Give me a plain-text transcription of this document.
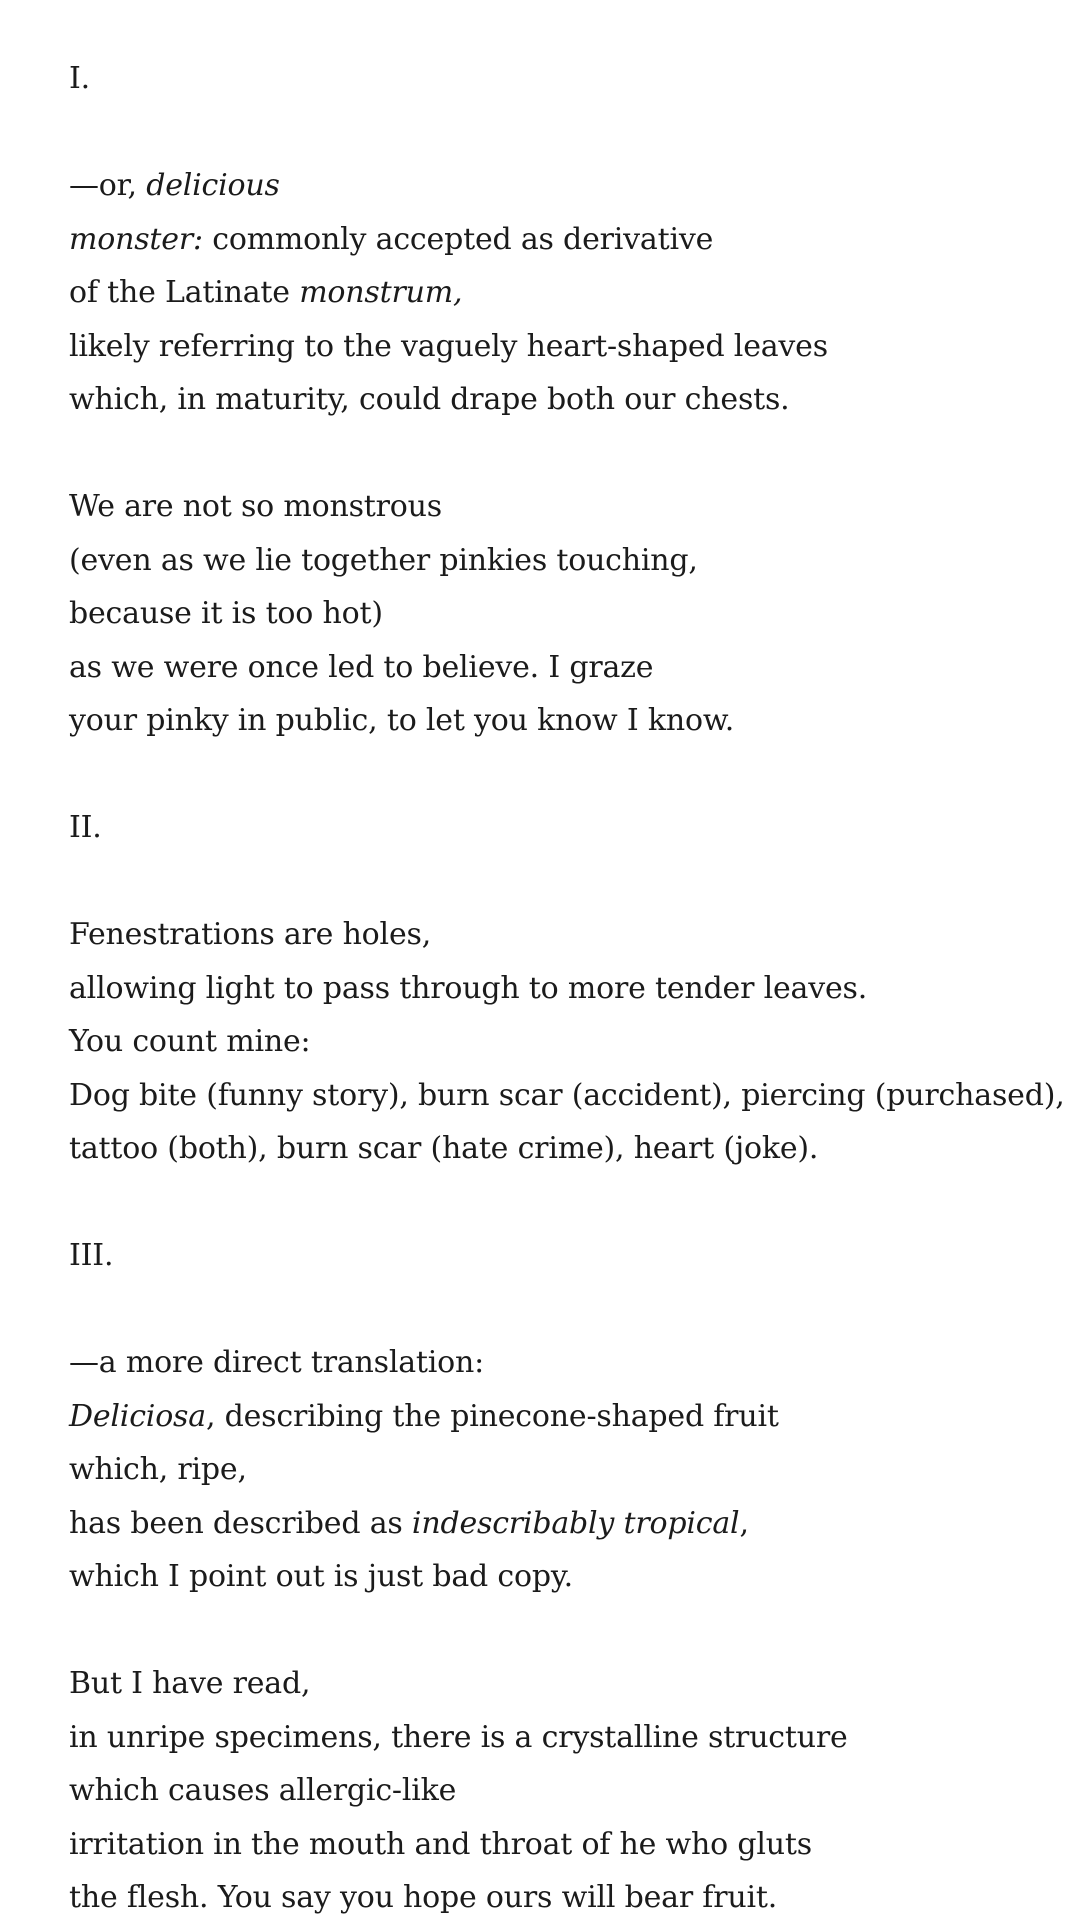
I.
—or, delicious
monster: commonly accepted as derivative
of the Latinate monstrum,
likely referring to the vaguely heart-shaped leaves
which, in maturity, could drape both our chests.
We are not so monstrous
(even as we lie together pinkies touching,
because it is too hot)
as we were once led to believe. I graze
your pinky in public, to let you know I know.
II.
Fenestrations are holes,
allowing light to pass through to more tender leaves.
You count mine:
Dog bite (funny story), burn scar (accident), piercing (purchased),
tattoo (both), burn scar (hate crime), heart (joke).
III.
—a more direct translation:
Deliciosa, describing the pinecone-shaped fruit
which, ripe,
has been described as indescribably tropical,
which I point out is just bad copy.
But I have read,
in unripe specimens, there is a crystalline structure
which causes allergic-like
irritation in the mouth and throat of he who gluts
the flesh. You say you hope ours will bear fruit.
